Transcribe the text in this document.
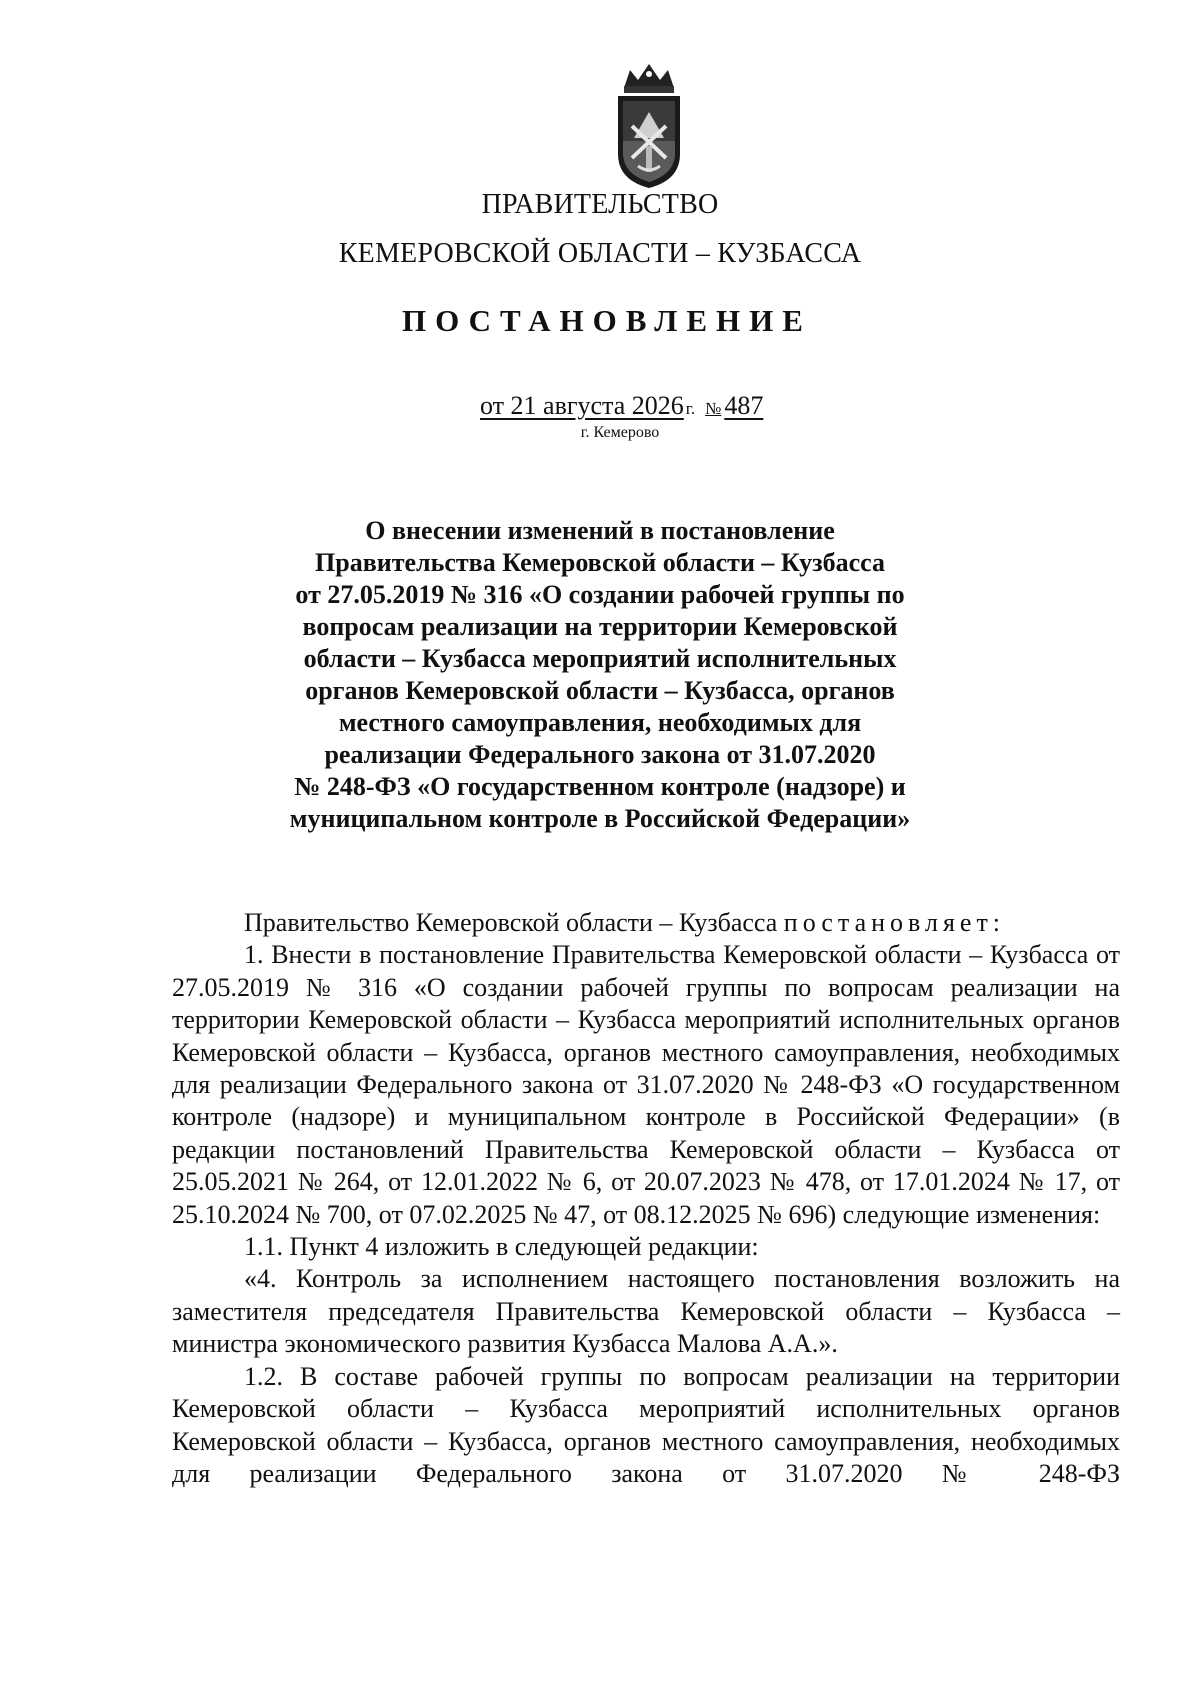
ПРАВИТЕЛЬСТВО
КЕМЕРОВСКОЙ ОБЛАСТИ – КУЗБАССА
ПОСТАНОВЛЕНИЕ
от 21 августа 2026 г. № 487
г. Кемерово
О внесении изменений в постановление
Правительства Кемеровской области – Кузбасса
от 27.05.2019 № 316 «О создании рабочей группы по
вопросам реализации на территории Кемеровской
области – Кузбасса мероприятий исполнительных
органов Кемеровской области – Кузбасса, органов
местного самоуправления, необходимых для
реализации Федерального закона от 31.07.2020
№ 248-ФЗ «О государственном контроле (надзоре) и
муниципальном контроле в Российской Федерации»

Правительство Кемеровской области – Кузбасса постановляет:

1. Внести в постановление Правительства Кемеровской области – Кузбасса от 27.05.2019 № 316 «О создании рабочей группы по вопросам реализации на территории Кемеровской области – Кузбасса мероприятий исполнительных органов Кемеровской области – Кузбасса, органов местного самоуправления, необходимых для реализации Федерального закона от 31.07.2020 № 248-ФЗ «О государственном контроле (надзоре) и муниципальном контроле в Российской Федерации» (в редакции постановлений Правительства Кемеровской области – Кузбасса от 25.05.2021 № 264, от 12.01.2022 № 6, от 20.07.2023 № 478, от 17.01.2024 № 17, от 25.10.2024 № 700, от 07.02.2025 № 47, от 08.12.2025 № 696) следующие изменения:

1.1. Пункт 4 изложить в следующей редакции:

«4. Контроль за исполнением настоящего постановления возложить на заместителя председателя Правительства Кемеровской области – Кузбасса – министра экономического развития Кузбасса Малова А.А.».

1.2. В составе рабочей группы по вопросам реализации на территории Кемеровской области – Кузбасса мероприятий исполнительных органов Кемеровской области – Кузбасса, органов местного самоуправления, необходимых для реализации Федерального закона от 31.07.2020 № 248-ФЗ
